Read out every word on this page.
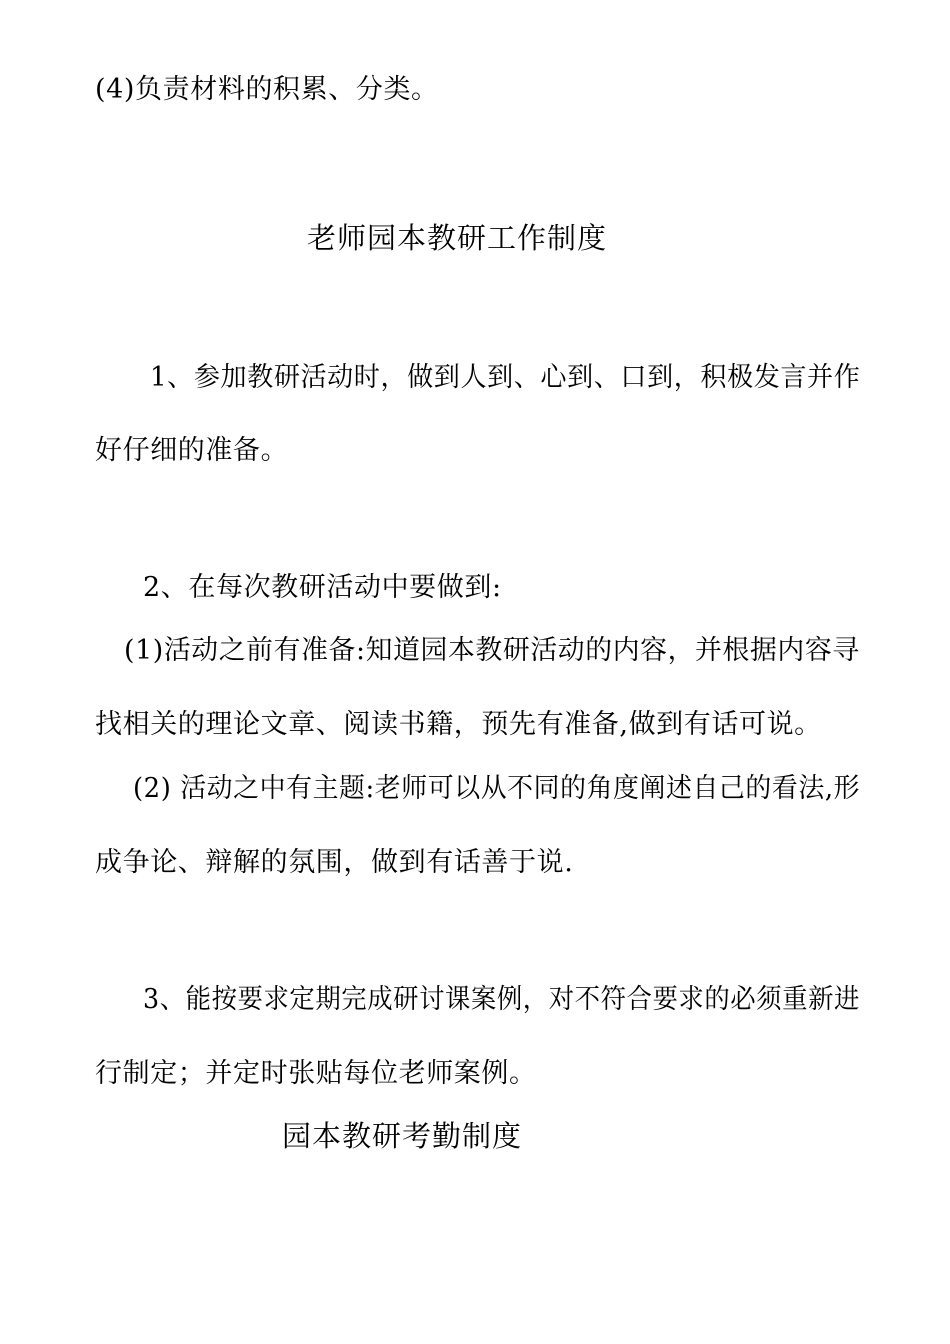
(4)负责材料的积累、分类。
老师园本教研工作制度
1、参加教研活动时，做到人到、心到、口到，积极发言并作
好仔细的准备。
2、在每次教研活动中要做到:
(1)活动之前有准备:知道园本教研活动的内容，并根据内容寻
找相关的理论文章、阅读书籍，预先有准备,做到有话可说。
(2) 活动之中有主题:老师可以从不同的角度阐述自己的看法,形
成争论、辩解的氛围，做到有话善于说.
3、能按要求定期完成研讨课案例，对不符合要求的必须重新进
行制定；并定时张贴每位老师案例。
园本教研考勤制度
